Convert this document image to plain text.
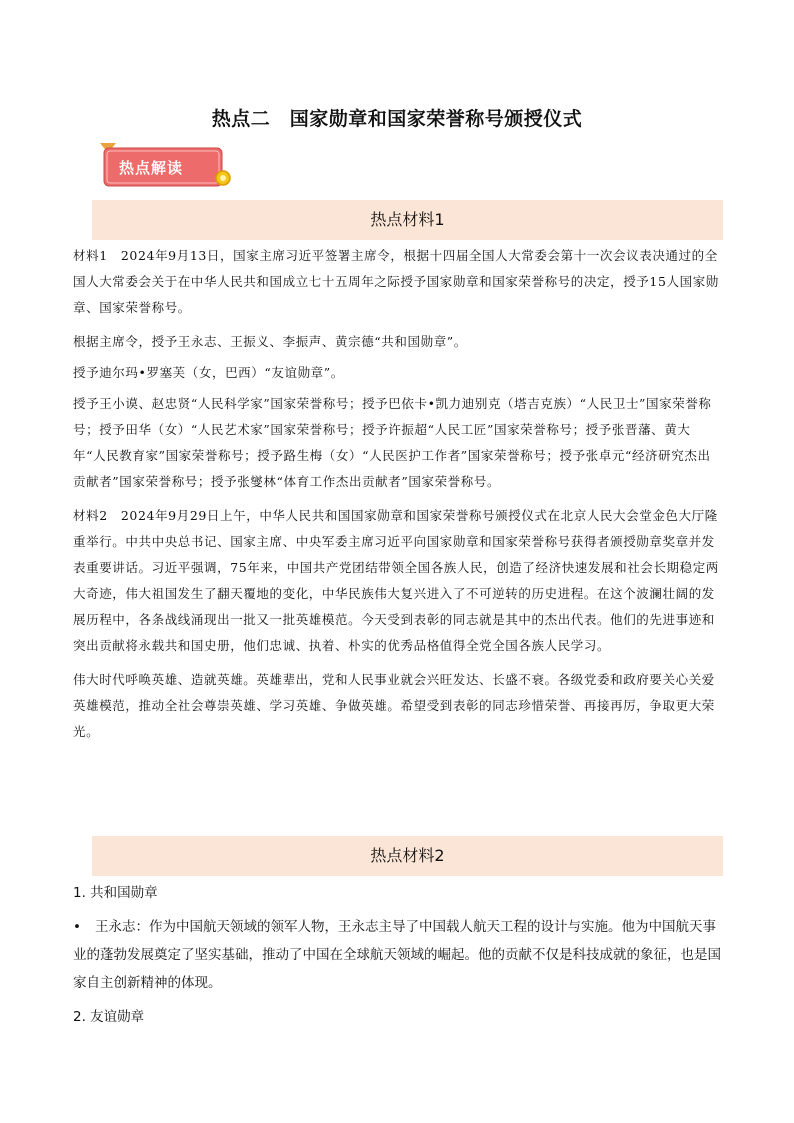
热点二　国家勋章和国家荣誉称号颁授仪式
热点解读
热点材料1

材料1　2024年9月13日，国家主席习近平签署主席令，根据十四届全国人大常委会第十一次会议表决通过的全国人大常委会关于在中华人民共和国成立七十五周年之际授予国家勋章和国家荣誉称号的决定，授予15人国家勋章、国家荣誉称号。

根据主席令，授予王永志、王振义、李振声、黄宗德“共和国勋章”。

授予迪尔玛•罗塞芙（女，巴西）“友谊勋章”。

授予王小谟、赵忠贤“人民科学家”国家荣誉称号；授予巴依卡•凯力迪别克（塔吉克族）“人民卫士”国家荣誉称号；授予田华（女）“人民艺术家”国家荣誉称号；授予许振超“人民工匠”国家荣誉称号；授予张晋藩、黄大年“人民教育家”国家荣誉称号；授予路生梅（女）“人民医护工作者”国家荣誉称号；授予张卓元“经济研究杰出贡献者”国家荣誉称号；授予张燮林“体育工作杰出贡献者”国家荣誉称号。

材料2　2024年9月29日上午，中华人民共和国国家勋章和国家荣誉称号颁授仪式在北京人民大会堂金色大厅隆重举行。中共中央总书记、国家主席、中央军委主席习近平向国家勋章和国家荣誉称号获得者颁授勋章奖章并发表重要讲话。习近平强调，75年来，中国共产党团结带领全国各族人民，创造了经济快速发展和社会长期稳定两大奇迹，伟大祖国发生了翻天覆地的变化，中华民族伟大复兴进入了不可逆转的历史进程。在这个波澜壮阔的发展历程中，各条战线涌现出一批又一批英雄模范。今天受到表彰的同志就是其中的杰出代表。他们的先进事迹和突出贡献将永载共和国史册，他们忠诚、执着、朴实的优秀品格值得全党全国各族人民学习。

伟大时代呼唤英雄、造就英雄。英雄辈出，党和人民事业就会兴旺发达、长盛不衰。各级党委和政府要关心关爱英雄模范，推动全社会尊崇英雄、学习英雄、争做英雄。希望受到表彰的同志珍惜荣誉、再接再厉，争取更大荣光。

热点材料2

1. 共和国勋章

• 王永志：作为中国航天领域的领军人物，王永志主导了中国载人航天工程的设计与实施。他为中国航天事业的蓬勃发展奠定了坚实基础，推动了中国在全球航天领域的崛起。他的贡献不仅是科技成就的象征，也是国家自主创新精神的体现。

2. 友谊勋章
